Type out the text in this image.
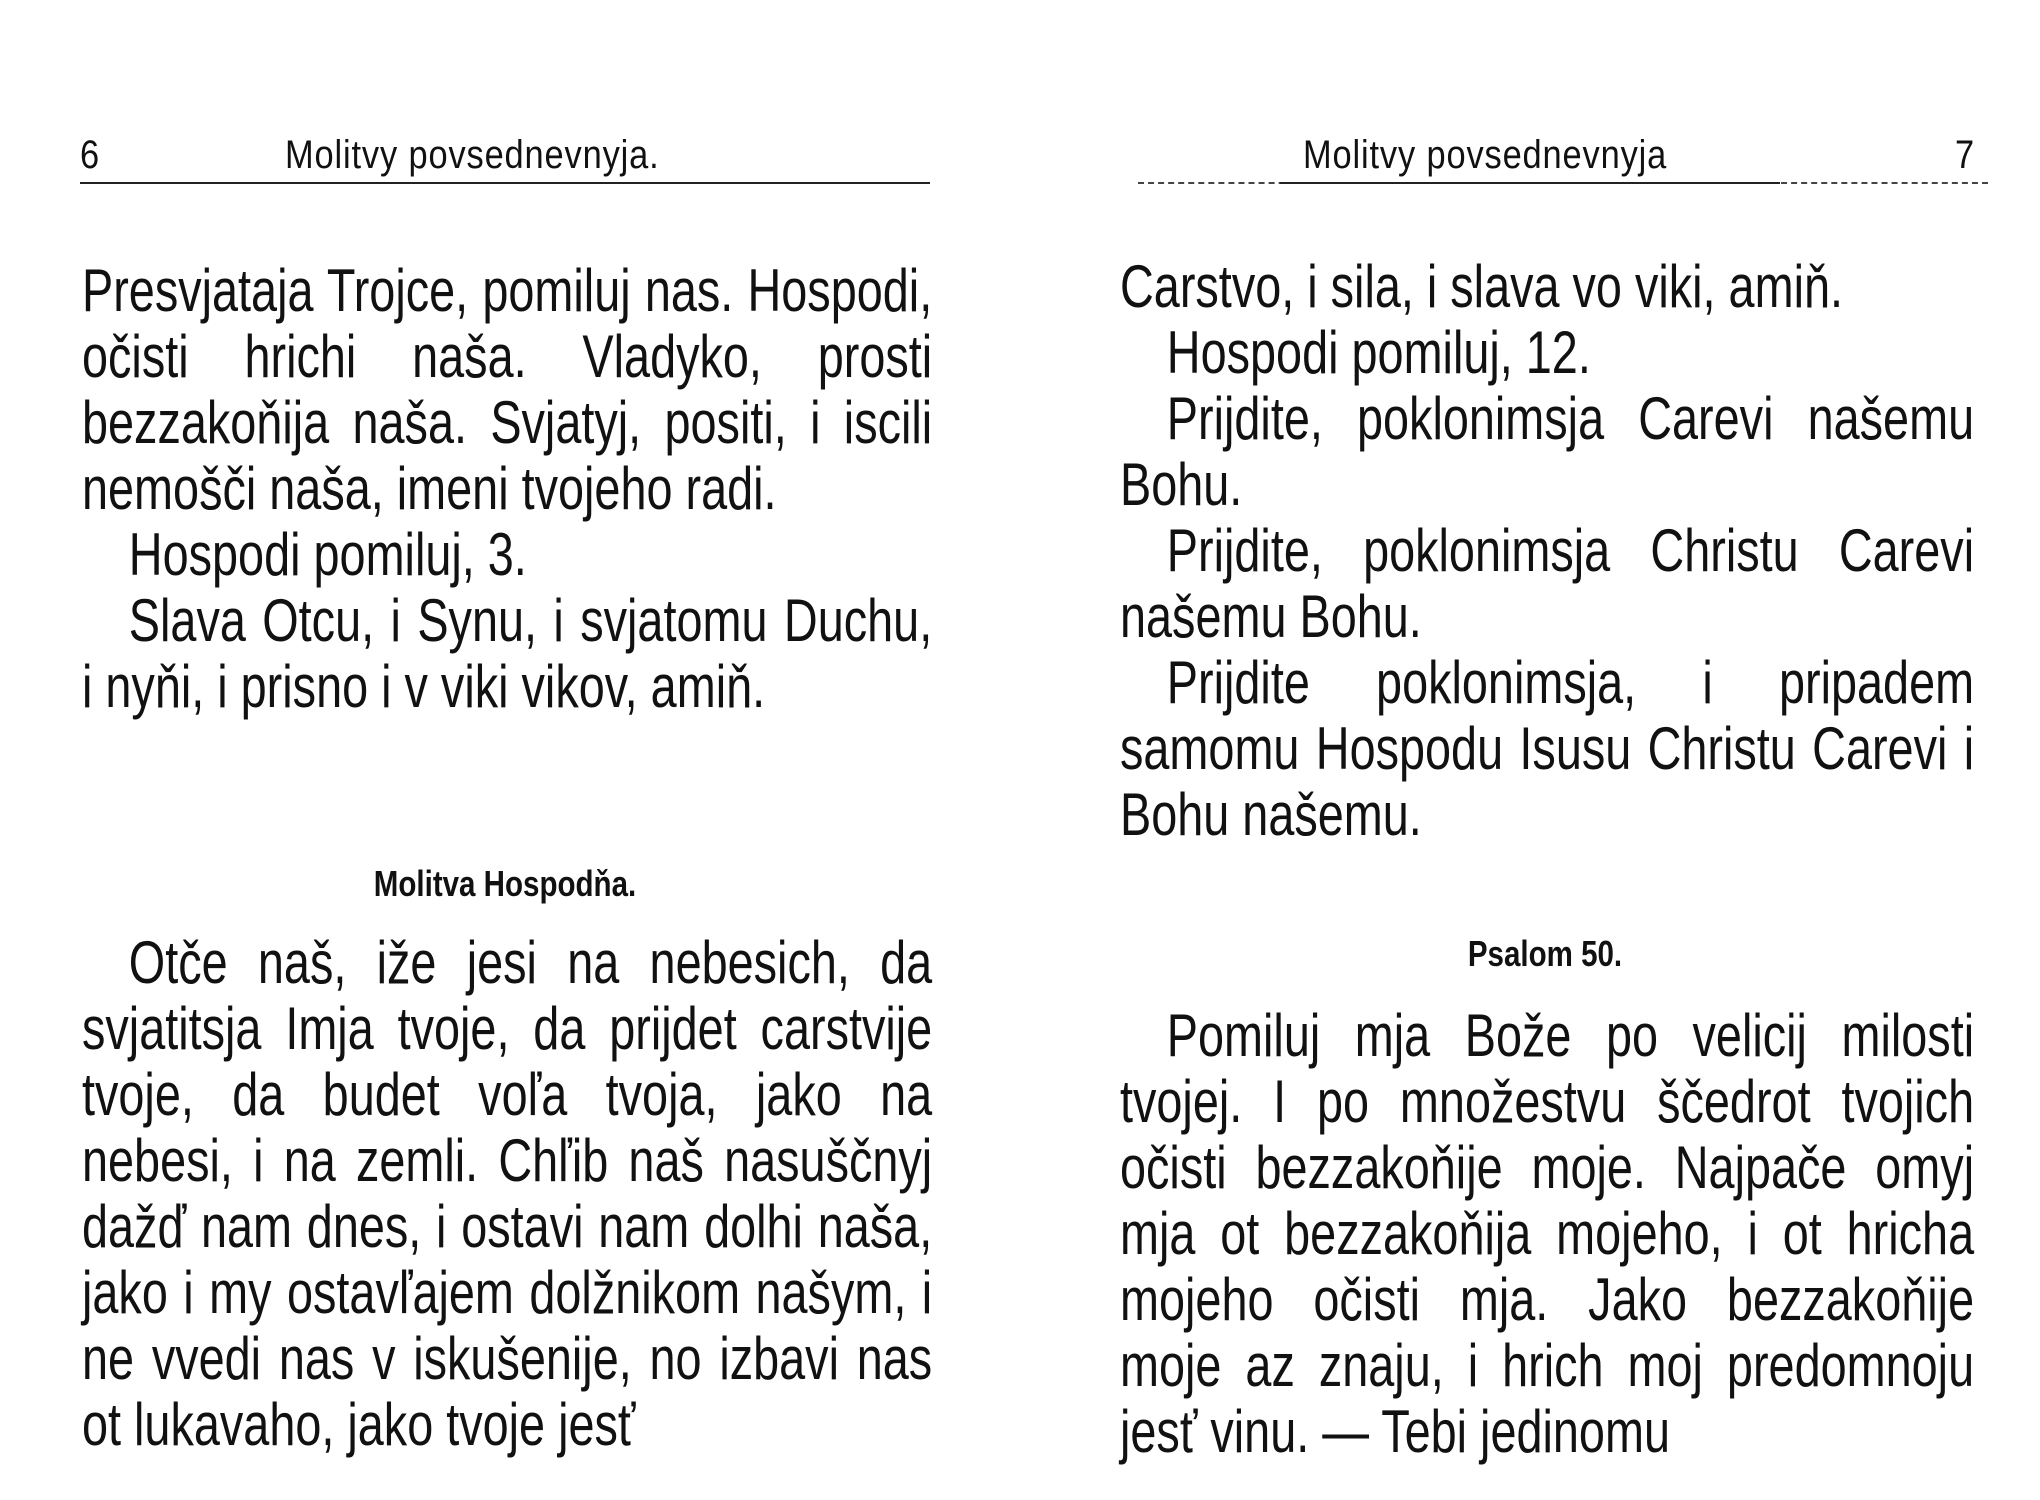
6	Molitvy povsednevnyja.

Presvjataja Trojce, pomiluj nas. Hospodi, očisti hrichi naša. Vladyko, prosti bezzakoňija naša. Svjatyj, positi, i iscili nemošči naša, imeni tvojeho radi.

Hospodi pomiluj, 3.

Slava Otcu, i Synu, i svjatomu Duchu, i nyňi, i prisno i v viki vikov, amiň.

Molitva Hospodňa.

Otče naš, iže jesi na nebesich, da svjatitsja Imja tvoje, da prijdet carstvije tvoje, da budet voľa tvoja, jako na nebesi, i na zemli. Chľib naš nasuščnyj dažď nam dnes, i ostavi nam dolhi naša, jako i my ostavľajem dolžnikom našym, i ne vvedi nas v iskušenije, no izbavi nas ot lukavaho, jako tvoje jesť

Molitvy povsednevnyja	7

Carstvo, i sila, i slava vo viki, amiň.

Hospodi pomiluj, 12.

Prijdite, poklonimsja Carevi našemu Bohu.

Prijdite, poklonimsja Christu Carevi našemu Bohu.

Prijdite poklonimsja, i pripadem samomu Hospodu Isusu Christu Carevi i Bohu našemu.

Psalom 50.

Pomiluj mja Bože po velicij milosti tvojej. I po množestvu ščedrot tvojich očisti bezzakoňije moje. Najpače omyj mja ot bezzakoňija mojeho, i ot hricha mojeho očisti mja. Jako bezzakoňije moje az znaju, i hrich moj predomnoju jesť vinu. — Tebi jedinomu
